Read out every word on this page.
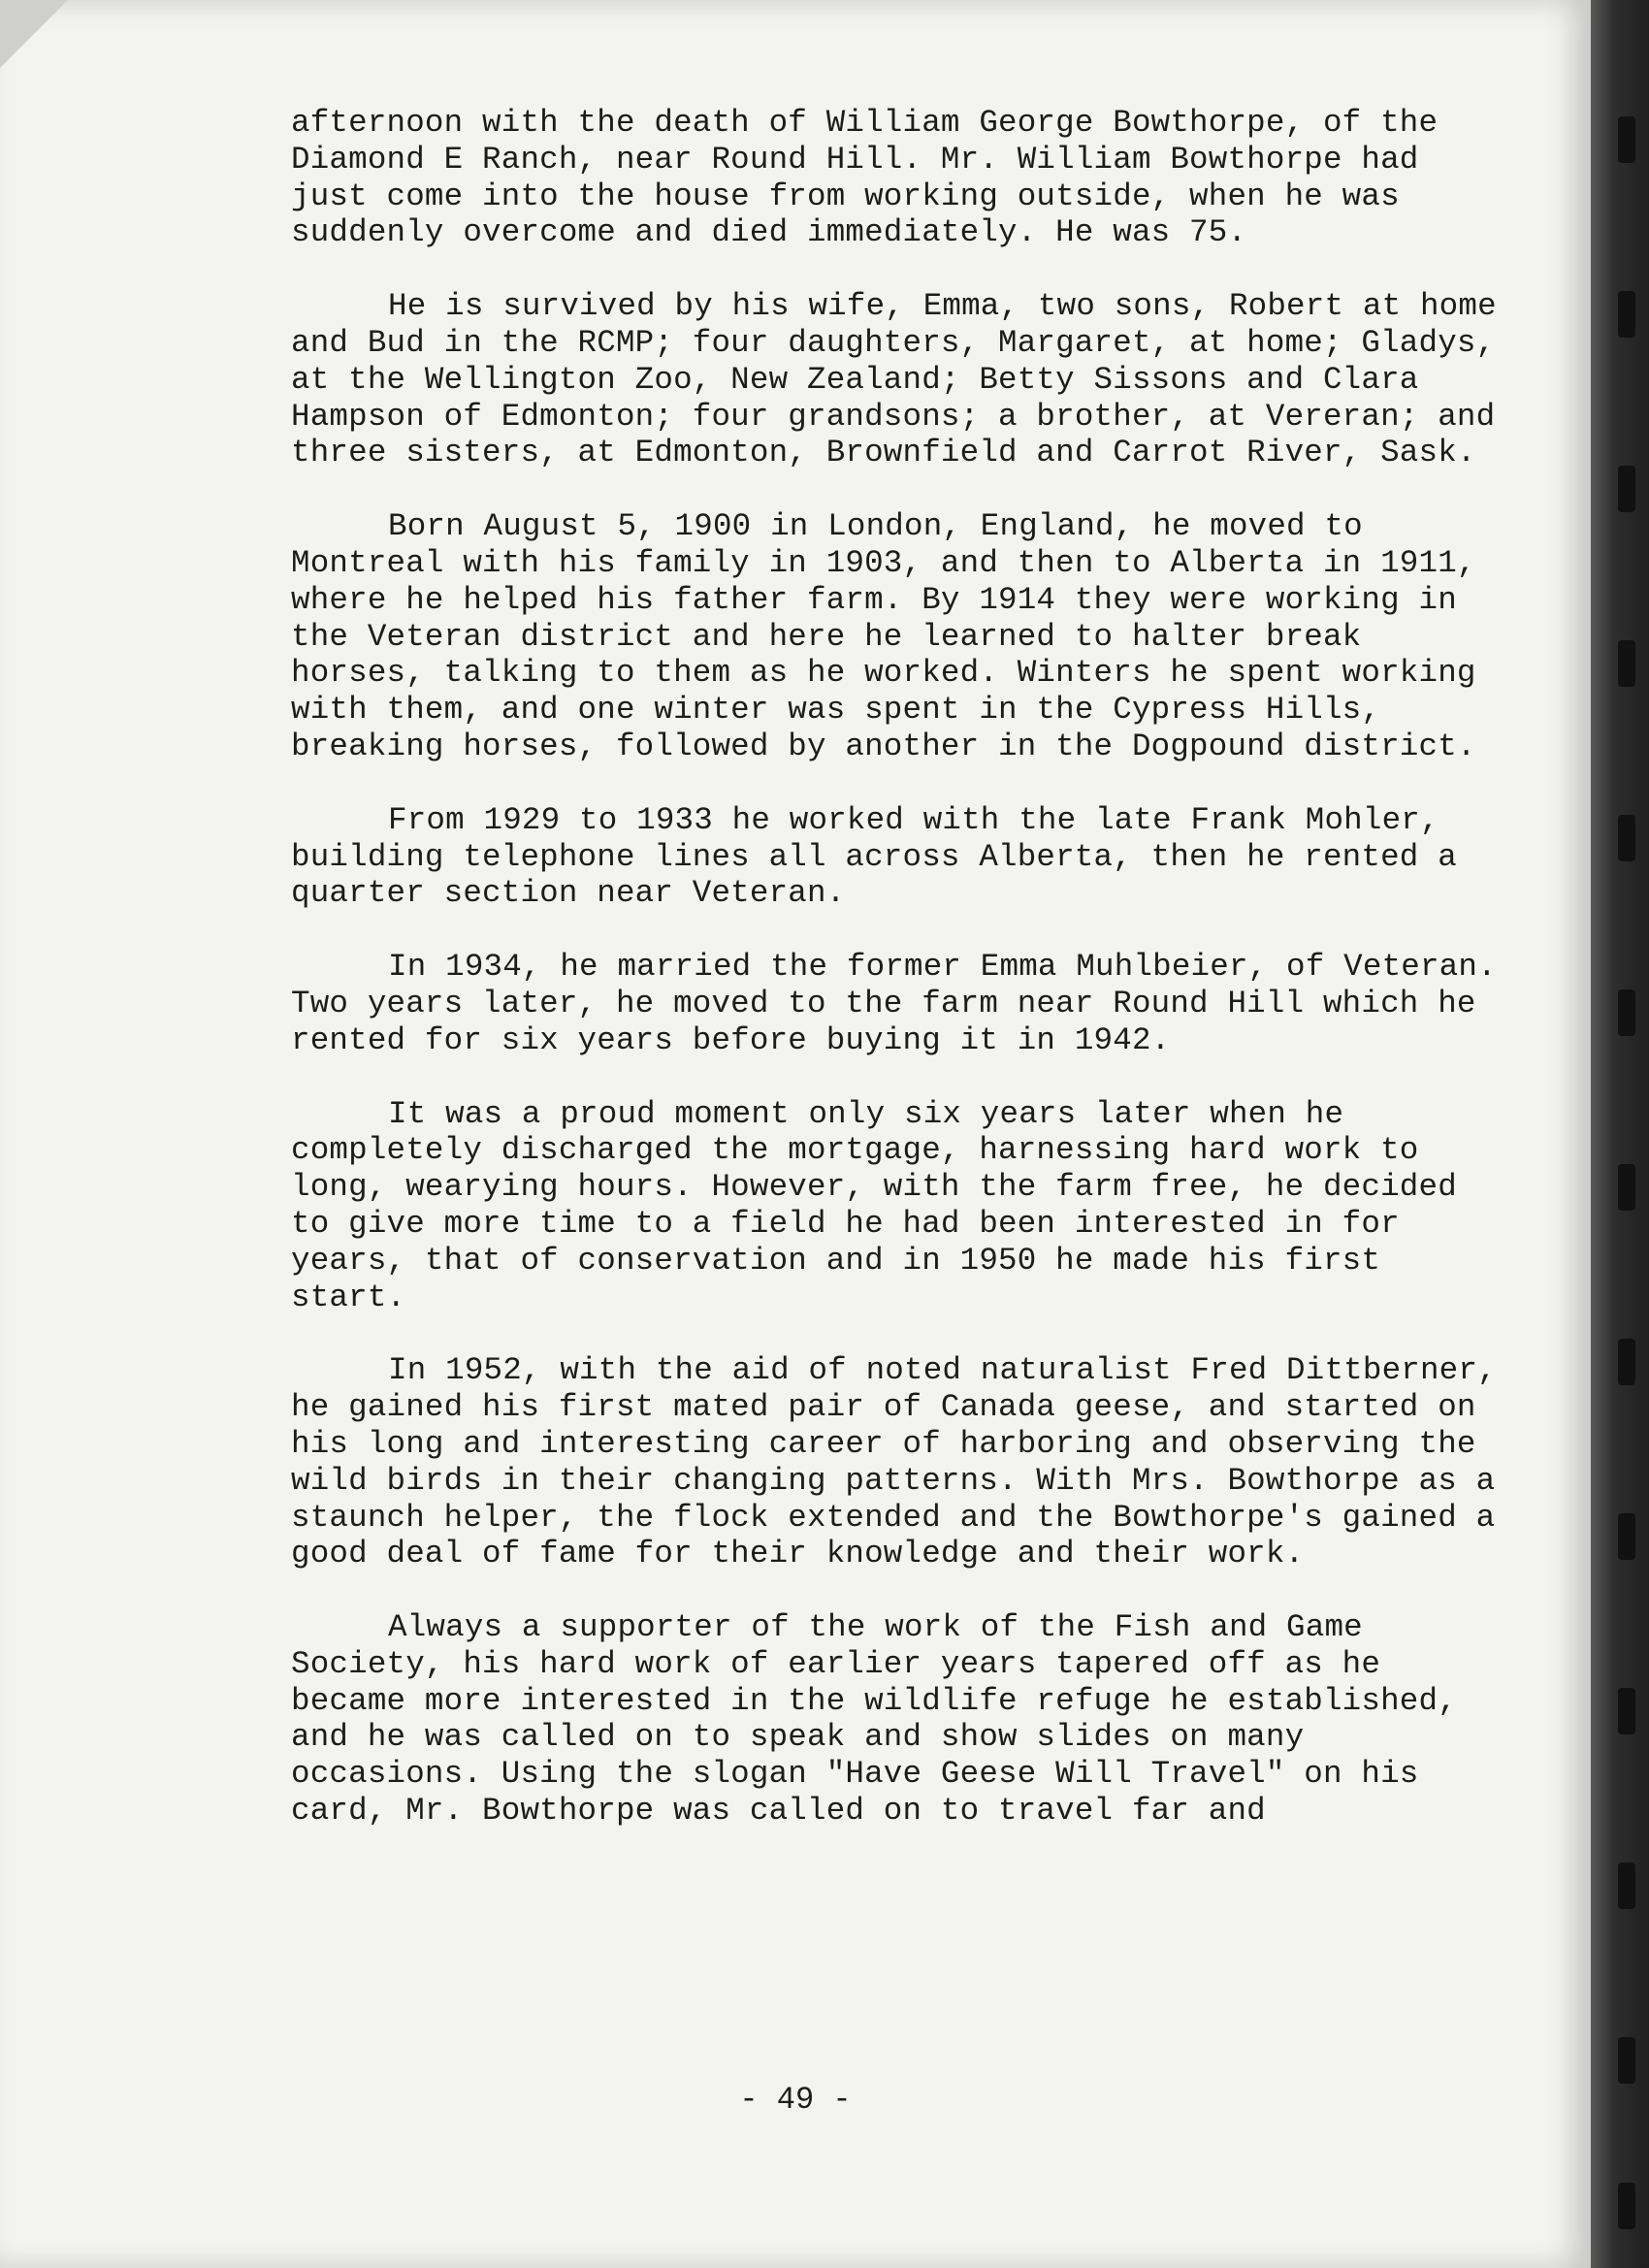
afternoon with the death of William George Bowthorpe, of the Diamond E Ranch, near Round Hill. Mr. William Bowthorpe had just come into the house from working outside, when he was suddenly overcome and died immediately. He was 75.

He is survived by his wife, Emma, two sons, Robert at home and Bud in the RCMP; four daughters, Margaret, at home; Gladys, at the Wellington Zoo, New Zealand; Betty Sissons and Clara Hampson of Edmonton; four grandsons; a brother, at Vereran; and three sisters, at Edmonton, Brownfield and Carrot River, Sask.

Born August 5, 1900 in London, England, he moved to Montreal with his family in 1903, and then to Alberta in 1911, where he helped his father farm. By 1914 they were working in the Veteran district and here he learned to halter break horses, talking to them as he worked. Winters he spent working with them, and one winter was spent in the Cypress Hills, breaking horses, followed by another in the Dogpound district.

From 1929 to 1933 he worked with the late Frank Mohler, building telephone lines all across Alberta, then he rented a quarter section near Veteran.

In 1934, he married the former Emma Muhlbeier, of Veteran. Two years later, he moved to the farm near Round Hill which he rented for six years before buying it in 1942.

It was a proud moment only six years later when he completely discharged the mortgage, harnessing hard work to long, wearying hours. However, with the farm free, he decided to give more time to a field he had been interested in for years, that of conservation and in 1950 he made his first start.

In 1952, with the aid of noted naturalist Fred Dittberner, he gained his first mated pair of Canada geese, and started on his long and interesting career of harboring and observing the wild birds in their changing patterns. With Mrs. Bowthorpe as a staunch helper, the flock extended and the Bowthorpe's gained a good deal of fame for their knowledge and their work.

Always a supporter of the work of the Fish and Game Society, his hard work of earlier years tapered off as he became more interested in the wildlife refuge he established, and he was called on to speak and show slides on many occasions. Using the slogan "Have Geese Will Travel" on his card, Mr. Bowthorpe was called on to travel far and

- 49 -
